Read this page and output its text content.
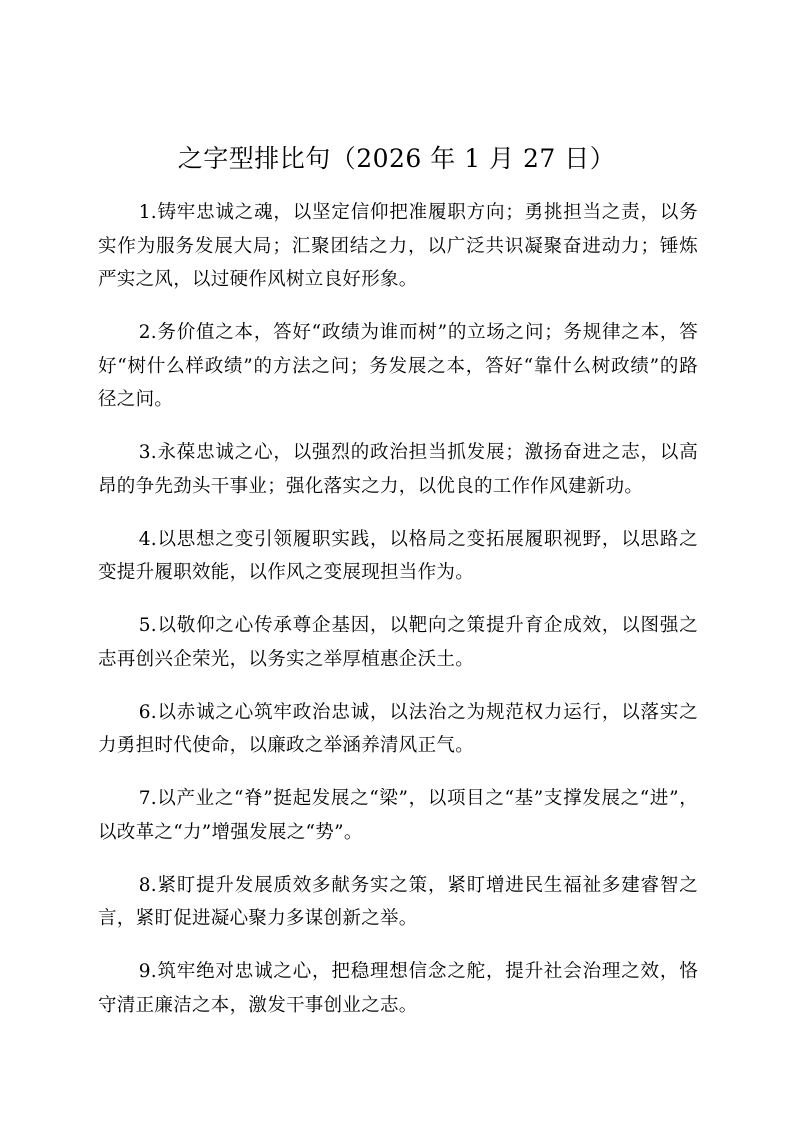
之字型排比句（2026 年 1 月 27 日）

1.铸牢忠诚之魂，以坚定信仰把准履职方向；勇挑担当之责，以务实作为服务发展大局；汇聚团结之力，以广泛共识凝聚奋进动力；锤炼严实之风，以过硬作风树立良好形象。

2.务价值之本，答好“政绩为谁而树”的立场之问；务规律之本，答好“树什么样政绩”的方法之问；务发展之本，答好“靠什么树政绩”的路径之问。

3.永葆忠诚之心，以强烈的政治担当抓发展；激扬奋进之志，以高昂的争先劲头干事业；强化落实之力，以优良的工作作风建新功。

4.以思想之变引领履职实践，以格局之变拓展履职视野，以思路之变提升履职效能，以作风之变展现担当作为。

5.以敬仰之心传承尊企基因，以靶向之策提升育企成效，以图强之志再创兴企荣光，以务实之举厚植惠企沃土。

6.以赤诚之心筑牢政治忠诚，以法治之为规范权力运行，以落实之力勇担时代使命，以廉政之举涵养清风正气。

7.以产业之“脊”挺起发展之“梁”，以项目之“基”支撑发展之“进”，以改革之“力”增强发展之“势”。

8.紧盯提升发展质效多献务实之策，紧盯增进民生福祉多建睿智之言，紧盯促进凝心聚力多谋创新之举。

9.筑牢绝对忠诚之心，把稳理想信念之舵，提升社会治理之效，恪守清正廉洁之本，激发干事创业之志。
